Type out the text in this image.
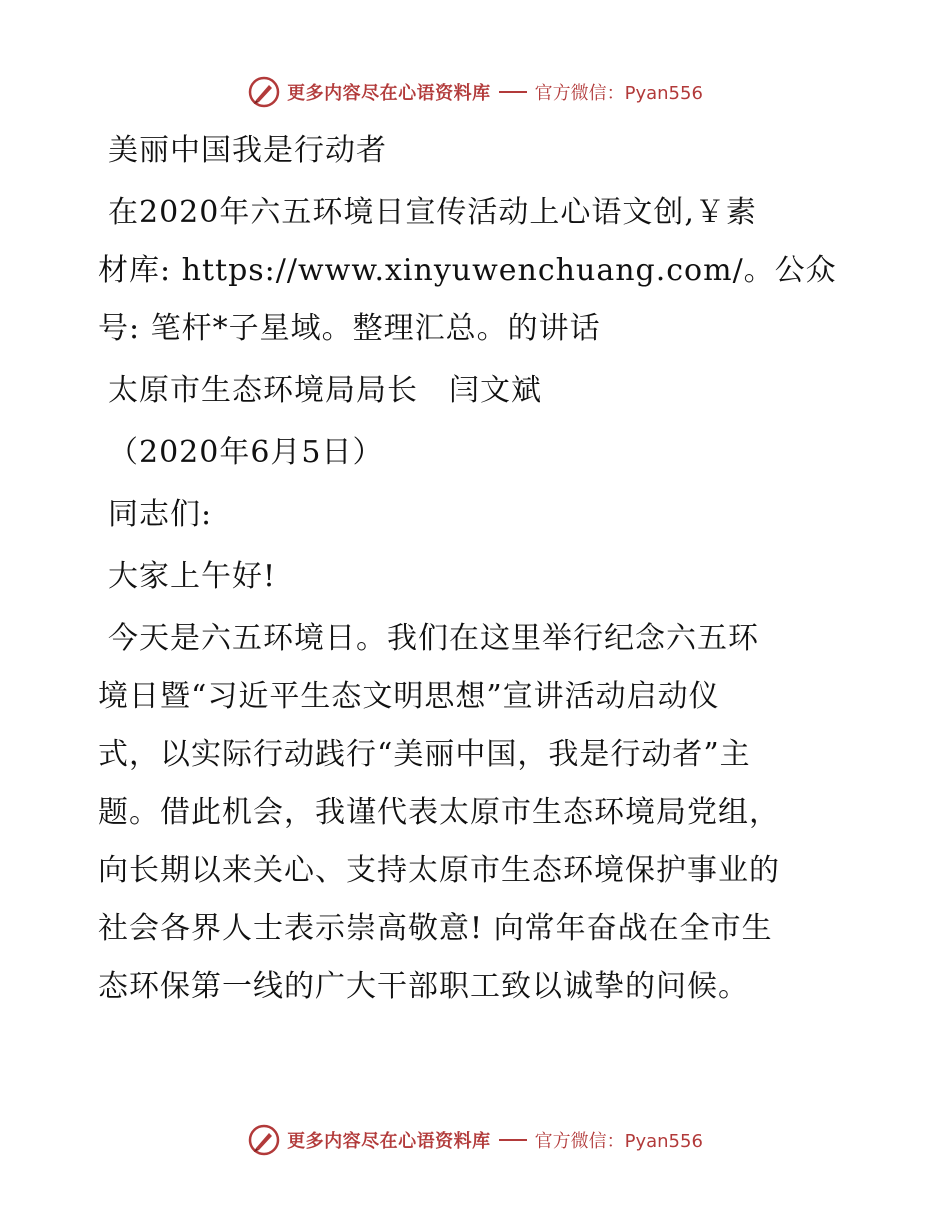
更多内容尽在心语资料库 官方微信：Pyan556
美丽中国我是行动者
在2020年六五环境日宣传活动上心语文创,￥素
材库: https://www.xinyuwenchuang.com/。公众
号: 笔杆*子星域。整理汇总。的讲话
太原市生态环境局局长　闫文斌
（2020年6月5日）
同志们:
大家上午好!
今天是六五环境日。我们在这里举行纪念六五环
境日暨“习近平生态文明思想”宣讲活动启动仪
式，以实际行动践行“美丽中国，我是行动者”主
题。借此机会，我谨代表太原市生态环境局党组，
向长期以来关心、支持太原市生态环境保护事业的
社会各界人士表示崇高敬意! 向常年奋战在全市生
态环保第一线的广大干部职工致以诚挚的问候。
更多内容尽在心语资料库 官方微信：Pyan556
